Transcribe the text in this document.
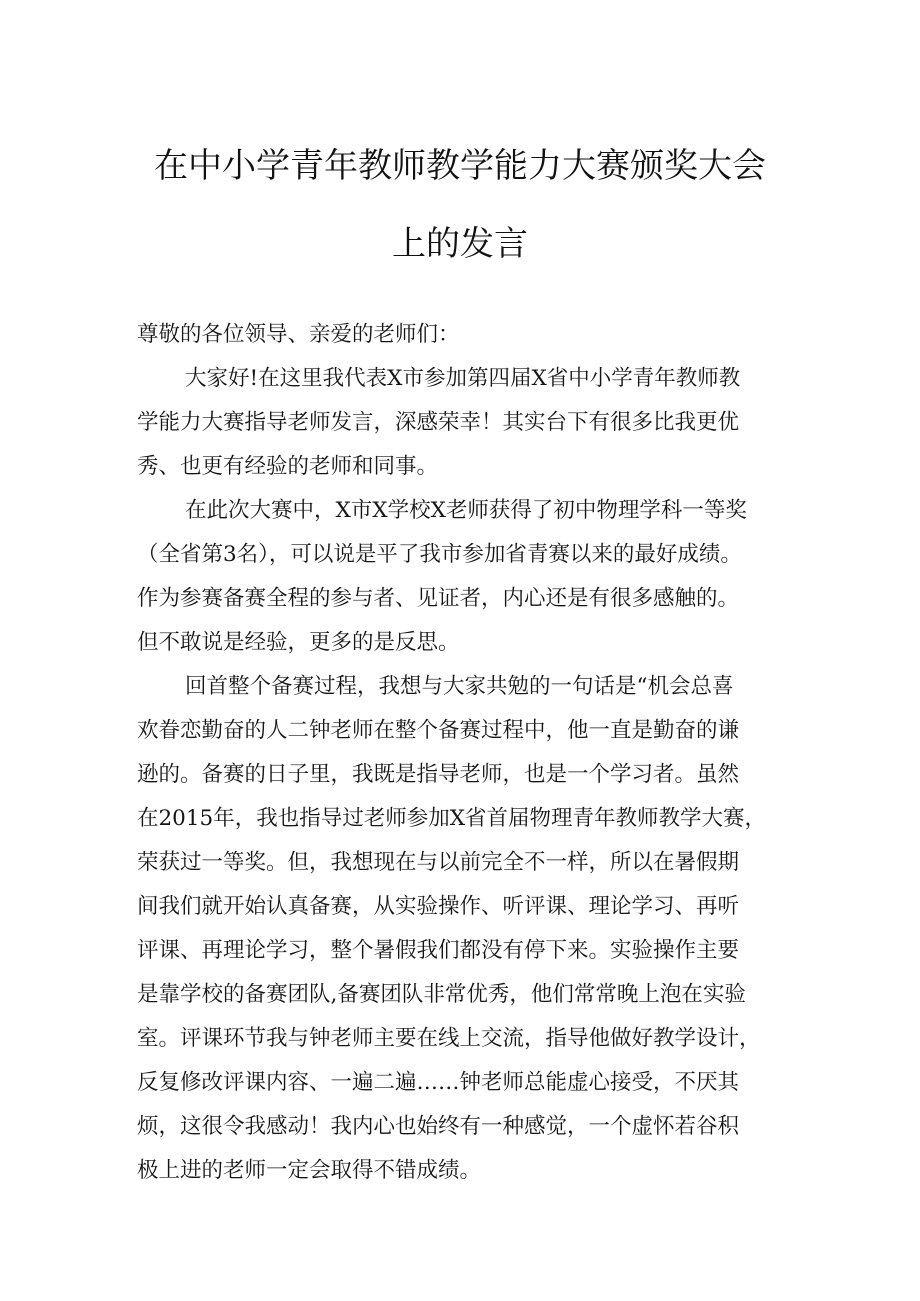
在中小学青年教师教学能力大赛颁奖大会
上的发言
尊敬的各位领导、亲爱的老师们：
大家好!在这里我代表X市参加第四届X省中小学青年教师教
学能力大赛指导老师发言，深感荣幸！其实台下有很多比我更优
秀、也更有经验的老师和同事。
在此次大赛中，X市X学校X老师获得了初中物理学科一等奖
（全省第3名），可以说是平了我市参加省青赛以来的最好成绩。
作为参赛备赛全程的参与者、见证者，内心还是有很多感触的。
但不敢说是经验，更多的是反思。
回首整个备赛过程，我想与大家共勉的一句话是“机会总喜
欢眷恋勤奋的人二钟老师在整个备赛过程中，他一直是勤奋的谦
逊的。备赛的日子里，我既是指导老师，也是一个学习者。虽然
在2015年，我也指导过老师参加X省首届物理青年教师教学大赛，
荣获过一等奖。但，我想现在与以前完全不一样，所以在暑假期
间我们就开始认真备赛，从实验操作、听评课、理论学习、再听
评课、再理论学习，整个暑假我们都没有停下来。实验操作主要
是靠学校的备赛团队,备赛团队非常优秀，他们常常晚上泡在实验
室。评课环节我与钟老师主要在线上交流，指导他做好教学设计，
反复修改评课内容、一遍二遍……钟老师总能虚心接受，不厌其
烦，这很令我感动！我内心也始终有一种感觉，一个虚怀若谷积
极上进的老师一定会取得不错成绩。
